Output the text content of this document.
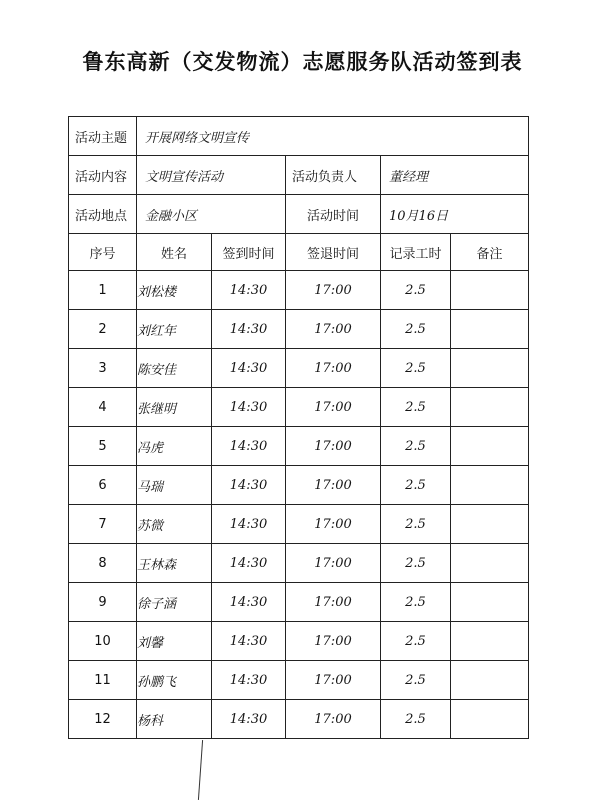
鲁东高新（交发物流）志愿服务队活动签到表
活动主题	开展网络文明宣传				
活动内容	文明宣传活动		活动负责人	董经理	
活动地点	金融小区		活动时间	10月16日	
序号	姓名	签到时间	签退时间	记录工时	备注
1	刘松楼	14:30	17:00	2.5	
2	刘红年	14:30	17:00	2.5	
3	陈安佳	14:30	17:00	2.5	
4	张继明	14:30	17:00	2.5	
5	冯虎	14:30	17:00	2.5	
6	马瑞	14:30	17:00	2.5	
7	苏微	14:30	17:00	2.5	
8	王林森	14:30	17:00	2.5	
9	徐子涵	14:30	17:00	2.5	
10	刘馨	14:30	17:00	2.5	
11	孙鹏飞	14:30	17:00	2.5	
12	杨科	14:30	17:00	2.5	
